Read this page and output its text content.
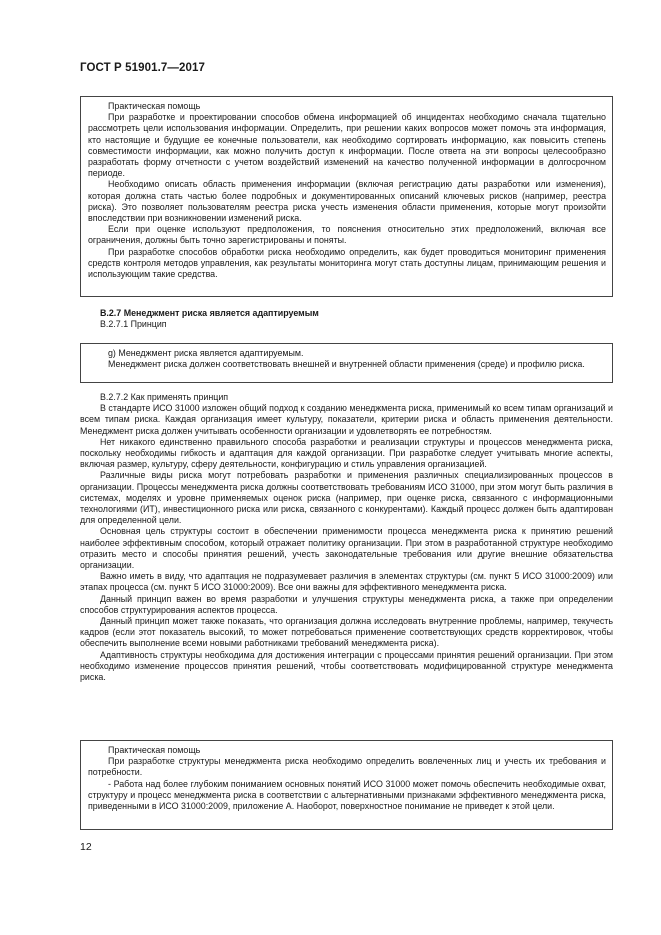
ГОСТ Р 51901.7—2017

Практическая помощь

При разработке и проектировании способов обмена информацией об инцидентах необходимо сначала тщательно рассмотреть цели использования информации. Определить, при решении каких вопросов может помочь эта информация, кто настоящие и будущие ее конечные пользователи, как необходимо сортировать информацию, как повысить степень совместимости информации, как можно получить доступ к информации. После ответа на эти вопросы целесообразно разработать форму отчетности с учетом воздействий изменений на качество полученной информации в долгосрочном периоде.

Необходимо описать область применения информации (включая регистрацию даты разработки или изменения), которая должна стать частью более подробных и документированных описаний ключевых рисков (например, реестра риска). Это позволяет пользователям реестра риска учесть изменения области применения, которые могут произойти впоследствии при возникновении изменений риска.

Если при оценке используют предположения, то пояснения относительно этих предположений, включая все ограничения, должны быть точно зарегистрированы и поняты.

При разработке способов обработки риска необходимо определить, как будет проводиться мониторинг применения средств контроля методов управления, как результаты мониторинга могут стать доступны лицам, принимающим решения и использующим такие средства.

В.2.7 Менеджмент риска является адаптируемым

В.2.7.1 Принцип

g) Менеджмент риска является адаптируемым.

Менеджмент риска должен соответствовать внешней и внутренней области применения (среде) и профилю риска.

В.2.7.2 Как применять принцип

В стандарте ИСО 31000 изложен общий подход к созданию менеджмента риска, применимый ко всем типам организаций и всем типам риска. Каждая организация имеет культуру, показатели, критерии риска и область применения деятельности. Менеджмент риска должен учитывать особенности организации и удовлетворять ее потребностям.

Нет никакого единственно правильного способа разработки и реализации структуры и процессов менеджмента риска, поскольку необходимы гибкость и адаптация для каждой организации. При разработке следует учитывать многие аспекты, включая размер, культуру, сферу деятельности, конфигурацию и стиль управления организацией.

Различные виды риска могут потребовать разработки и применения различных специализированных процессов в организации. Процессы менеджмента риска должны соответствовать требованиям ИСО 31000, при этом могут быть различия в системах, моделях и уровне применяемых оценок риска (например, при оценке риска, связанного с информационными технологиями (ИТ), инвестиционного риска или риска, связанного с конкурентами). Каждый процесс должен быть адаптирован для определенной цели.

Основная цель структуры состоит в обеспечении применимости процесса менеджмента риска к принятию решений наиболее эффективным способом, который отражает политику организации. При этом в разработанной структуре необходимо отразить место и способы принятия решений, учесть законодательные требования или другие внешние обязательства организации.

Важно иметь в виду, что адаптация не подразумевает различия в элементах структуры (см. пункт 5 ИСО 31000:2009) или этапах процесса (см. пункт 5 ИСО 31000:2009). Все они важны для эффективного менеджмента риска.

Данный принцип важен во время разработки и улучшения структуры менеджмента риска, а также при определении способов структурирования аспектов процесса.

Данный принцип может также показать, что организация должна исследовать внутренние проблемы, например, текучесть кадров (если этот показатель высокий, то может потребоваться применение соответствующих средств корректировок, чтобы обеспечить выполнение всеми новыми работниками требований менеджмента риска).

Адаптивность структуры необходима для достижения интеграции с процессами принятия решений организации. При этом необходимо изменение процессов принятия решений, чтобы соответствовать модифицированной структуре менеджмента риска.

Практическая помощь

При разработке структуры менеджмента риска необходимо определить вовлеченных лиц и учесть их требования и потребности.

- Работа над более глубоким пониманием основных понятий ИСО 31000 может помочь обеспечить необходимые охват, структуру и процесс менеджмента риска в соответствии с альтернативными признаками эффективного менеджмента риска, приведенными в ИСО 31000:2009, приложение А. Наоборот, поверхностное понимание не приведет к этой цели.

12
